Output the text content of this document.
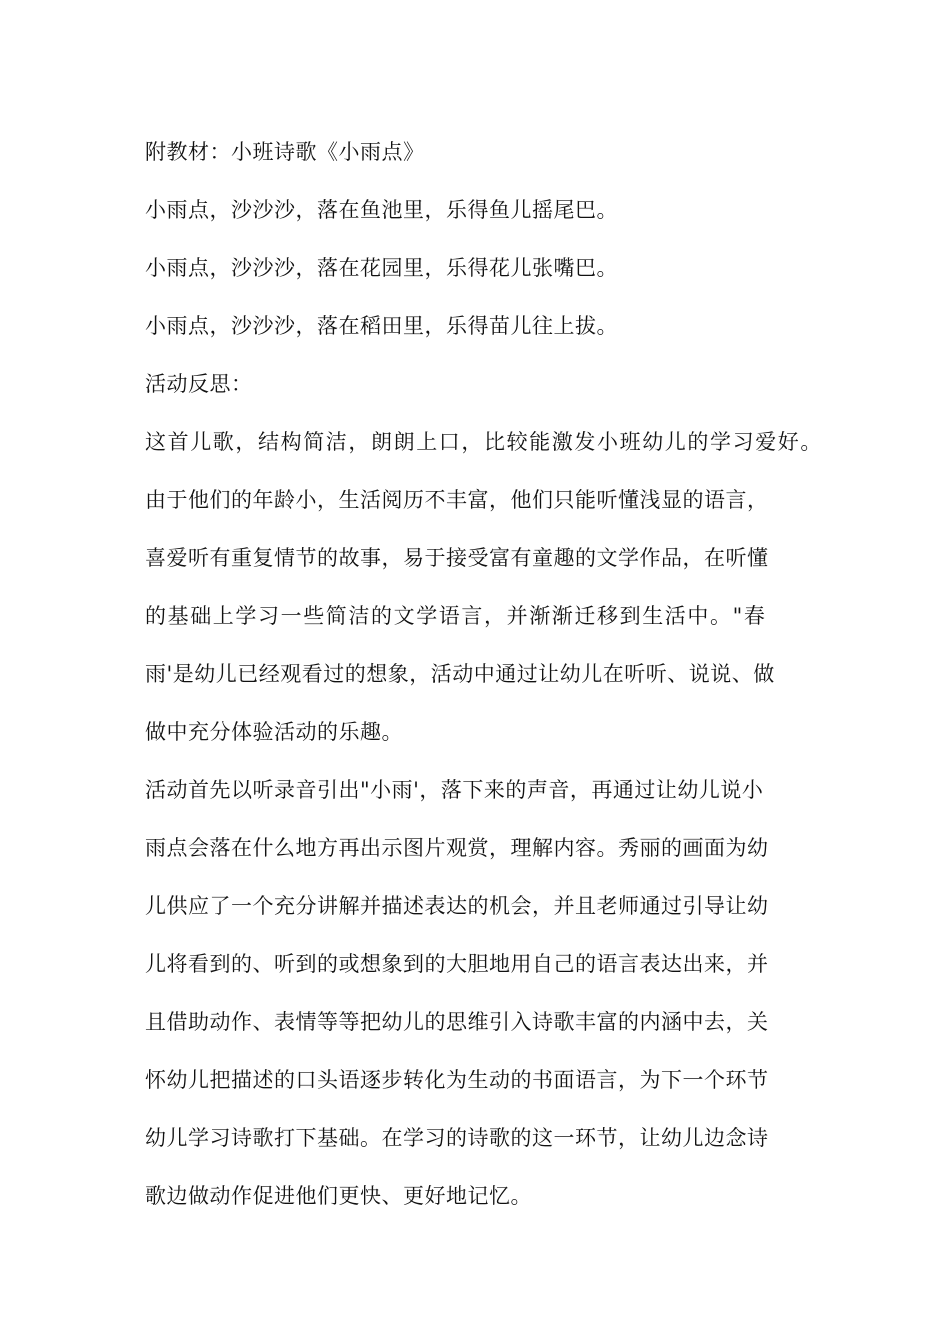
附教材：小班诗歌《小雨点》
小雨点，沙沙沙，落在鱼池里，乐得鱼儿摇尾巴。
小雨点，沙沙沙，落在花园里，乐得花儿张嘴巴。
小雨点，沙沙沙，落在稻田里，乐得苗儿往上拔。
活动反思：
这首儿歌，结构简洁，朗朗上口，比较能激发小班幼儿的学习爱好。
由于他们的年龄小，生活阅历不丰富，他们只能听懂浅显的语言，
喜爱听有重复情节的故事，易于接受富有童趣的文学作品，在听懂
的基础上学习一些简洁的文学语言，并渐渐迁移到生活中。"春
雨'是幼儿已经观看过的想象，活动中通过让幼儿在听听、说说、做
做中充分体验活动的乐趣。
活动首先以听录音引出"小雨'，落下来的声音，再通过让幼儿说小
雨点会落在什么地方再出示图片观赏，理解内容。秀丽的画面为幼
儿供应了一个充分讲解并描述表达的机会，并且老师通过引导让幼
儿将看到的、听到的或想象到的大胆地用自己的语言表达出来，并
且借助动作、表情等等把幼儿的思维引入诗歌丰富的内涵中去，关
怀幼儿把描述的口头语逐步转化为生动的书面语言，为下一个环节
幼儿学习诗歌打下基础。在学习的诗歌的这一环节，让幼儿边念诗
歌边做动作促进他们更快、更好地记忆。
